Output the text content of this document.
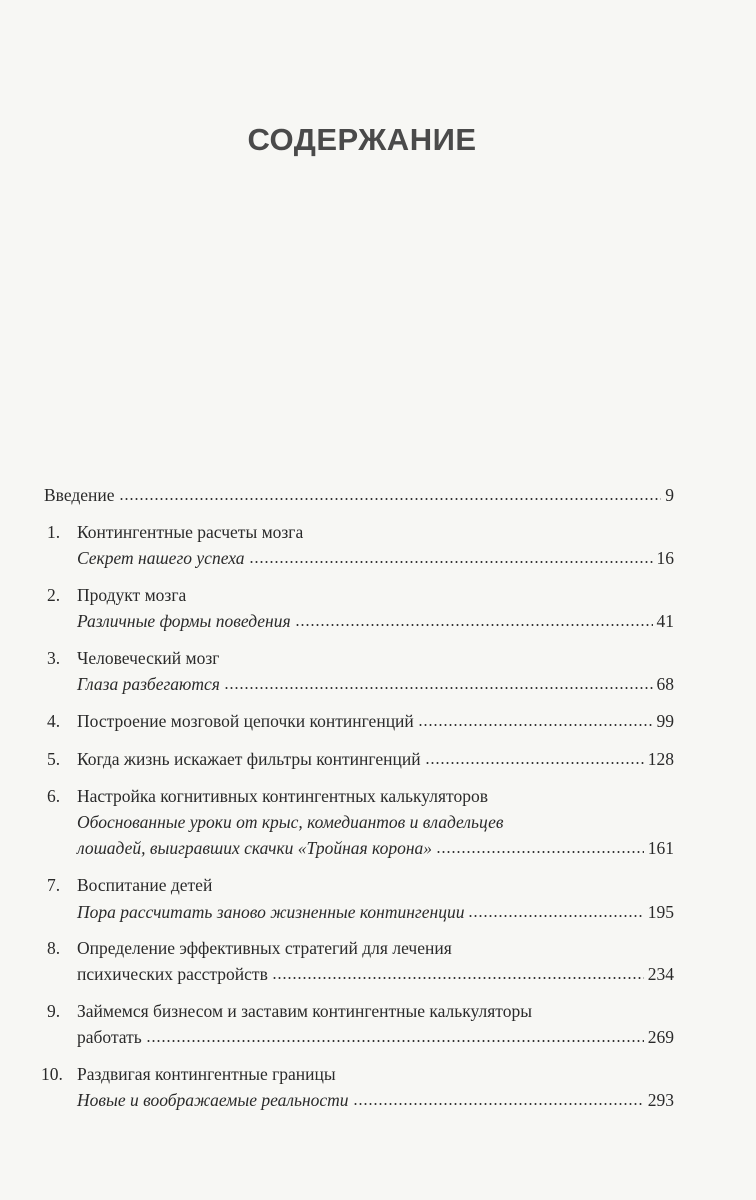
СОДЕРЖАНИЕ
Введение	9
1. Контингентные расчеты мозга
Секрет нашего успеха	16
2. Продукт мозга
Различные формы поведения	41
3. Человеческий мозг
Глаза разбегаются	68
4. Построение мозговой цепочки контингенций	99
5. Когда жизнь искажает фильтры контингенций	128
6. Настройка когнитивных контингентных калькуляторов
Обоснованные уроки от крыс, комедиантов и владельцев
лошадей, выигравших скачки «Тройная корона»	161
7. Воспитание детей
Пора рассчитать заново жизненные контингенции	195
8. Определение эффективных стратегий для лечения
психических расстройств	234
9. Займемся бизнесом и заставим контингентные калькуляторы
работать	269
10. Раздвигая контингентные границы
Новые и воображаемые реальности	293
